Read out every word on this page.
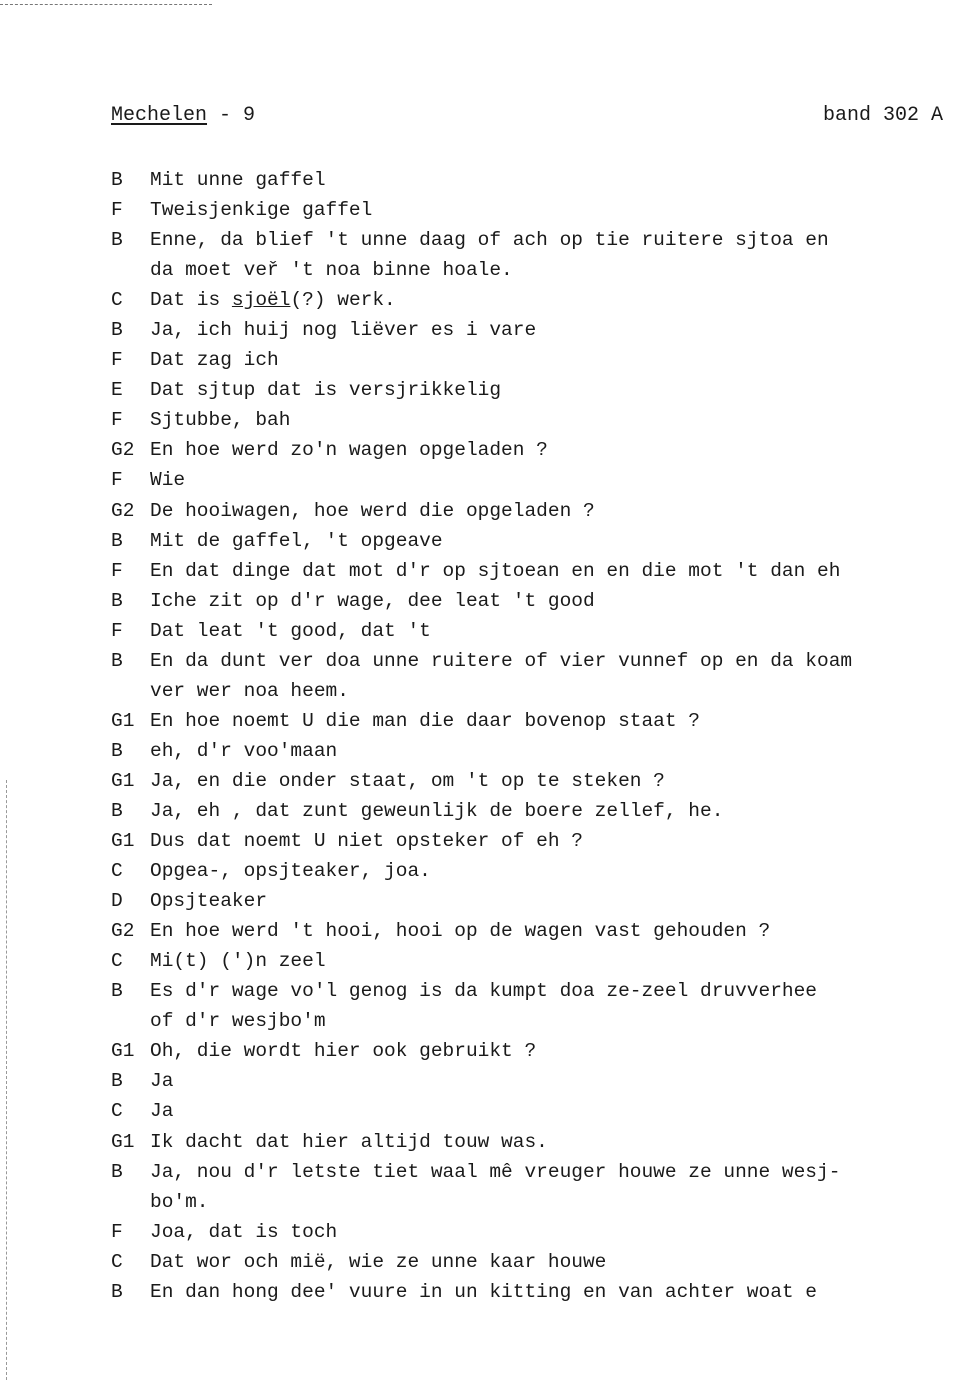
Mechelen - 9	band 302 A
B	Mit unne gaffel
F	Tweisjenkige gaffel
B	Enne, da blief 't unne daag of ach op tie ruitere sjtoa en
da moet veř 't noa binne hoale.
C	Dat is sjoël(?) werk.
B	Ja, ich huij nog liëver es i vare
F	Dat zag ich
E	Dat sjtup dat is versjrikkelig
F	Sjtubbe, bah
G2 En hoe werd zo'n wagen opgeladen ?
F	Wie
G2 De hooiwagen, hoe werd die opgeladen ?
B	Mit de gaffel, 't opgeave
F	En dat dinge dat mot d'r op sjtoean en en die mot 't dan eh
B	Iche zit op d'r wage, dee leat 't good
F	Dat leat 't good, dat 't
B	En da dunt ver doa unne ruitere of vier vunnef op en da koam
ver wer noa heem.
G1 En hoe noemt U die man die daar bovenop staat ?
B	eh, d'r voo'maan
G1 Ja, en die onder staat, om 't op te steken ?
B	Ja, eh , dat zunt geweunlijk de boere zellef, he.
G1 Dus dat noemt U niet opsteker of eh ?
C	Opgea-, opsjteaker, joa.
D	Opsjteaker
G2 En hoe werd 't hooi, hooi op de wagen vast gehouden ?
C	Mi(t) (')n zeel
B	Es d'r wage vo'l genog is da kumpt doa ze-zeel druvverhee
of d'r wesjbo'm
G1 Oh, die wordt hier ook gebruikt ?
B	Ja
C	Ja
G1 Ik dacht dat hier altijd touw was.
B	Ja, nou d'r letste tiet waal mê vreuger houwe ze unne wesj-
bo'm.
F	Joa, dat is toch
C	Dat wor och mië, wie ze unne kaar houwe
B	En dan hong dee' vuure in un kitting en van achter woat e
